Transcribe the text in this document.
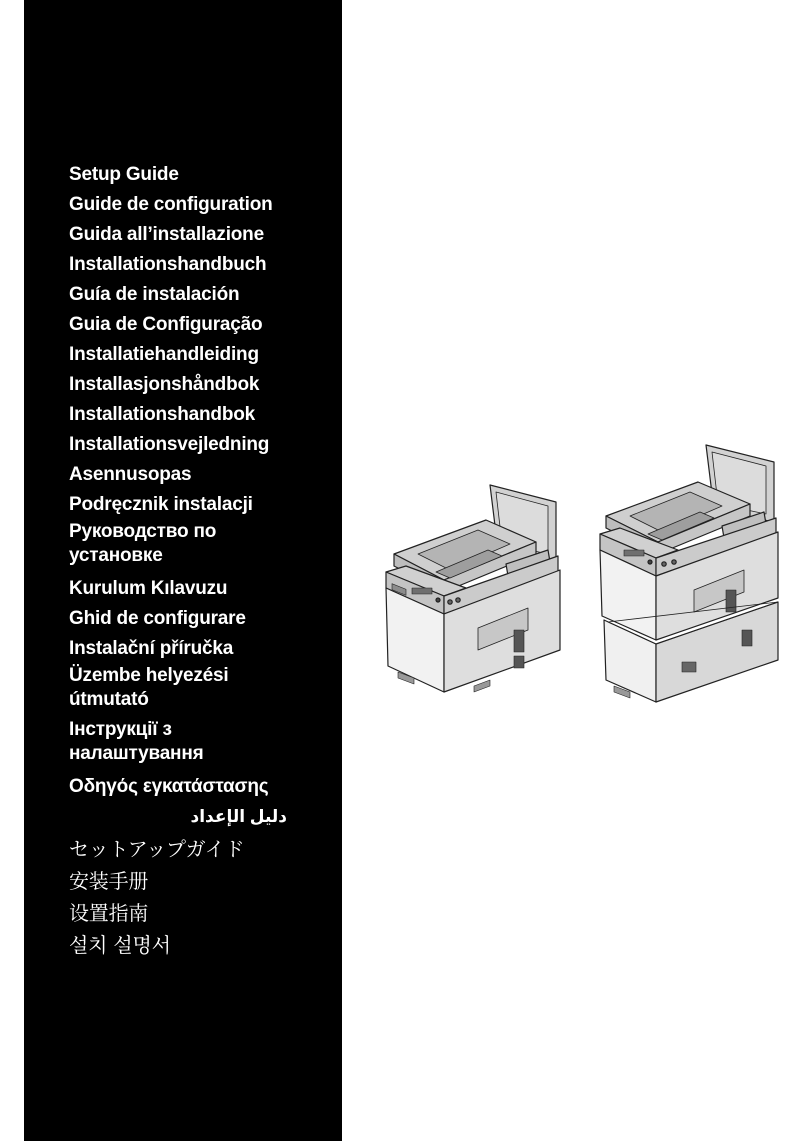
Setup Guide
Guide de configuration
Guida all’installazione
Installationshandbuch
Guía de instalación
Guia de Configuração
Installatiehandleiding
Installasjonshåndbok
Installationshandbok
Installationsvejledning
Asennusopas
Podręcznik instalacji
Руководство по установке
Kurulum Kılavuzu
Ghid de configurare
Instalační příručka
Üzembe helyezési útmutató
Інструкції з налаштування
Οδηγός εγκατάστασης
دليل الإعداد
セットアップガイド
安装手册
设置指南
설치 설명서
